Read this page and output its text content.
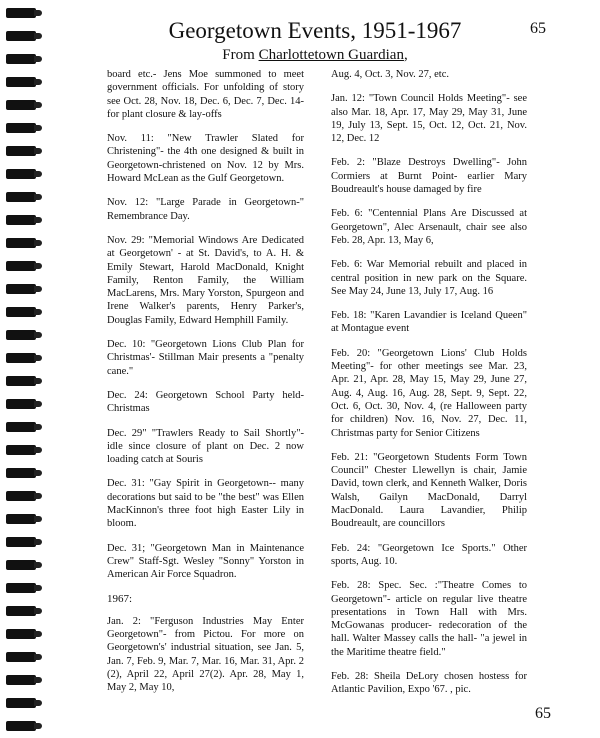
Georgetown Events, 1951-1967
From Charlottetown Guardian,
65

board etc.- Jens Moe summoned to meet government officials. For unfolding of story see Oct. 28, Nov. 18, Dec. 6, Dec. 7, Dec. 14- for plant closure & lay-offs

Nov. 11: "New Trawler Slated for Christening"- the 4th one designed & built in Georgetown-christened on Nov. 12 by Mrs. Howard McLean as the Gulf Georgetown.

Nov. 12: "Large Parade in Georgetown-" Remembrance Day.

Nov. 29: "Memorial Windows Are Dedicated at Georgetown' - at St. David's, to A. H. & Emily Stewart, Harold MacDonald, Knight Family, Renton Family, the William MacLarens, Mrs. Mary Yorston, Spurgeon and Irene Walker's parents, Henry Parker's, Douglas Family, Edward Hemphill Family.

Dec. 10: "Georgetown Lions Club Plan for Christmas'- Stillman Mair presents a "penalty cane."

Dec. 24: Georgetown School Party held-Christmas

Dec. 29" "Trawlers Ready to Sail Shortly"- idle since closure of plant on Dec. 2 now loading catch at Souris

Dec. 31: "Gay Spirit in Georgetown-- many decorations but said to be "the best" was Ellen MacKinnon's three foot high Easter Lily in bloom.

Dec. 31; "Georgetown Man in Maintenance Crew" Staff-Sgt. Wesley "Sonny" Yorston in American Air Force Squadron.

1967:

Jan. 2: "Ferguson Industries May Enter Georgetown"- from Pictou. For more on Georgetown's' industrial situation, see Jan. 5, Jan. 7, Feb. 9, Mar. 7, Mar. 16, Mar. 31, Apr. 2 (2), April 22, April 27(2). Apr. 28, May 1, May 2, May 10,

Aug. 4, Oct. 3, Nov. 27, etc.

Jan. 12: "Town Council Holds Meeting"- see also Mar. 18, Apr. 17, May 29, May 31, June 19, July 13, Sept. 15, Oct. 12, Oct. 21, Nov. 12, Dec. 12

Feb. 2: "Blaze Destroys Dwelling"- John Cormiers at Burnt Point- earlier Mary Boudreault's house damaged by fire

Feb. 6: "Centennial Plans Are Discussed at Georgetown", Alec Arsenault, chair see also Feb. 28, Apr. 13, May 6,

Feb. 6: War Memorial rebuilt and placed in central position in new park on the Square. See May 24, June 13, July 17, Aug. 16

Feb. 18: "Karen Lavandier is Iceland Queen" at Montague event

Feb. 20: "Georgetown Lions' Club Holds Meeting"- for other meetings see Mar. 23, Apr. 21, Apr. 28, May 15, May 29, June 27, Aug. 4, Aug. 16, Aug. 28, Sept. 9, Sept. 22, Oct. 6, Oct. 30, Nov. 4, (re Halloween party for children) Nov. 16, Nov. 27, Dec. 11, Christmas party for Senior Citizens

Feb. 21: "Georgetown Students Form Town Council" Chester Llewellyn is chair, Jamie David, town clerk, and Kenneth Walker, Doris Walsh, Gailyn MacDonald, Darryl MacDonald. Laura Lavandier, Philip Boudreault, are councillors

Feb. 24: "Georgetown Ice Sports." Other sports, Aug. 10.

Feb. 28: Spec. Sec. :"Theatre Comes to Georgetown"- article on regular live theatre presentations in Town Hall with Mrs. McGowanas producer- redecoration of the hall. Walter Massey calls the hall- "a jewel in the Maritime theatre field."

Feb. 28: Sheila DeLory chosen hostess for Atlantic Pavilion, Expo '67. , pic.

65
